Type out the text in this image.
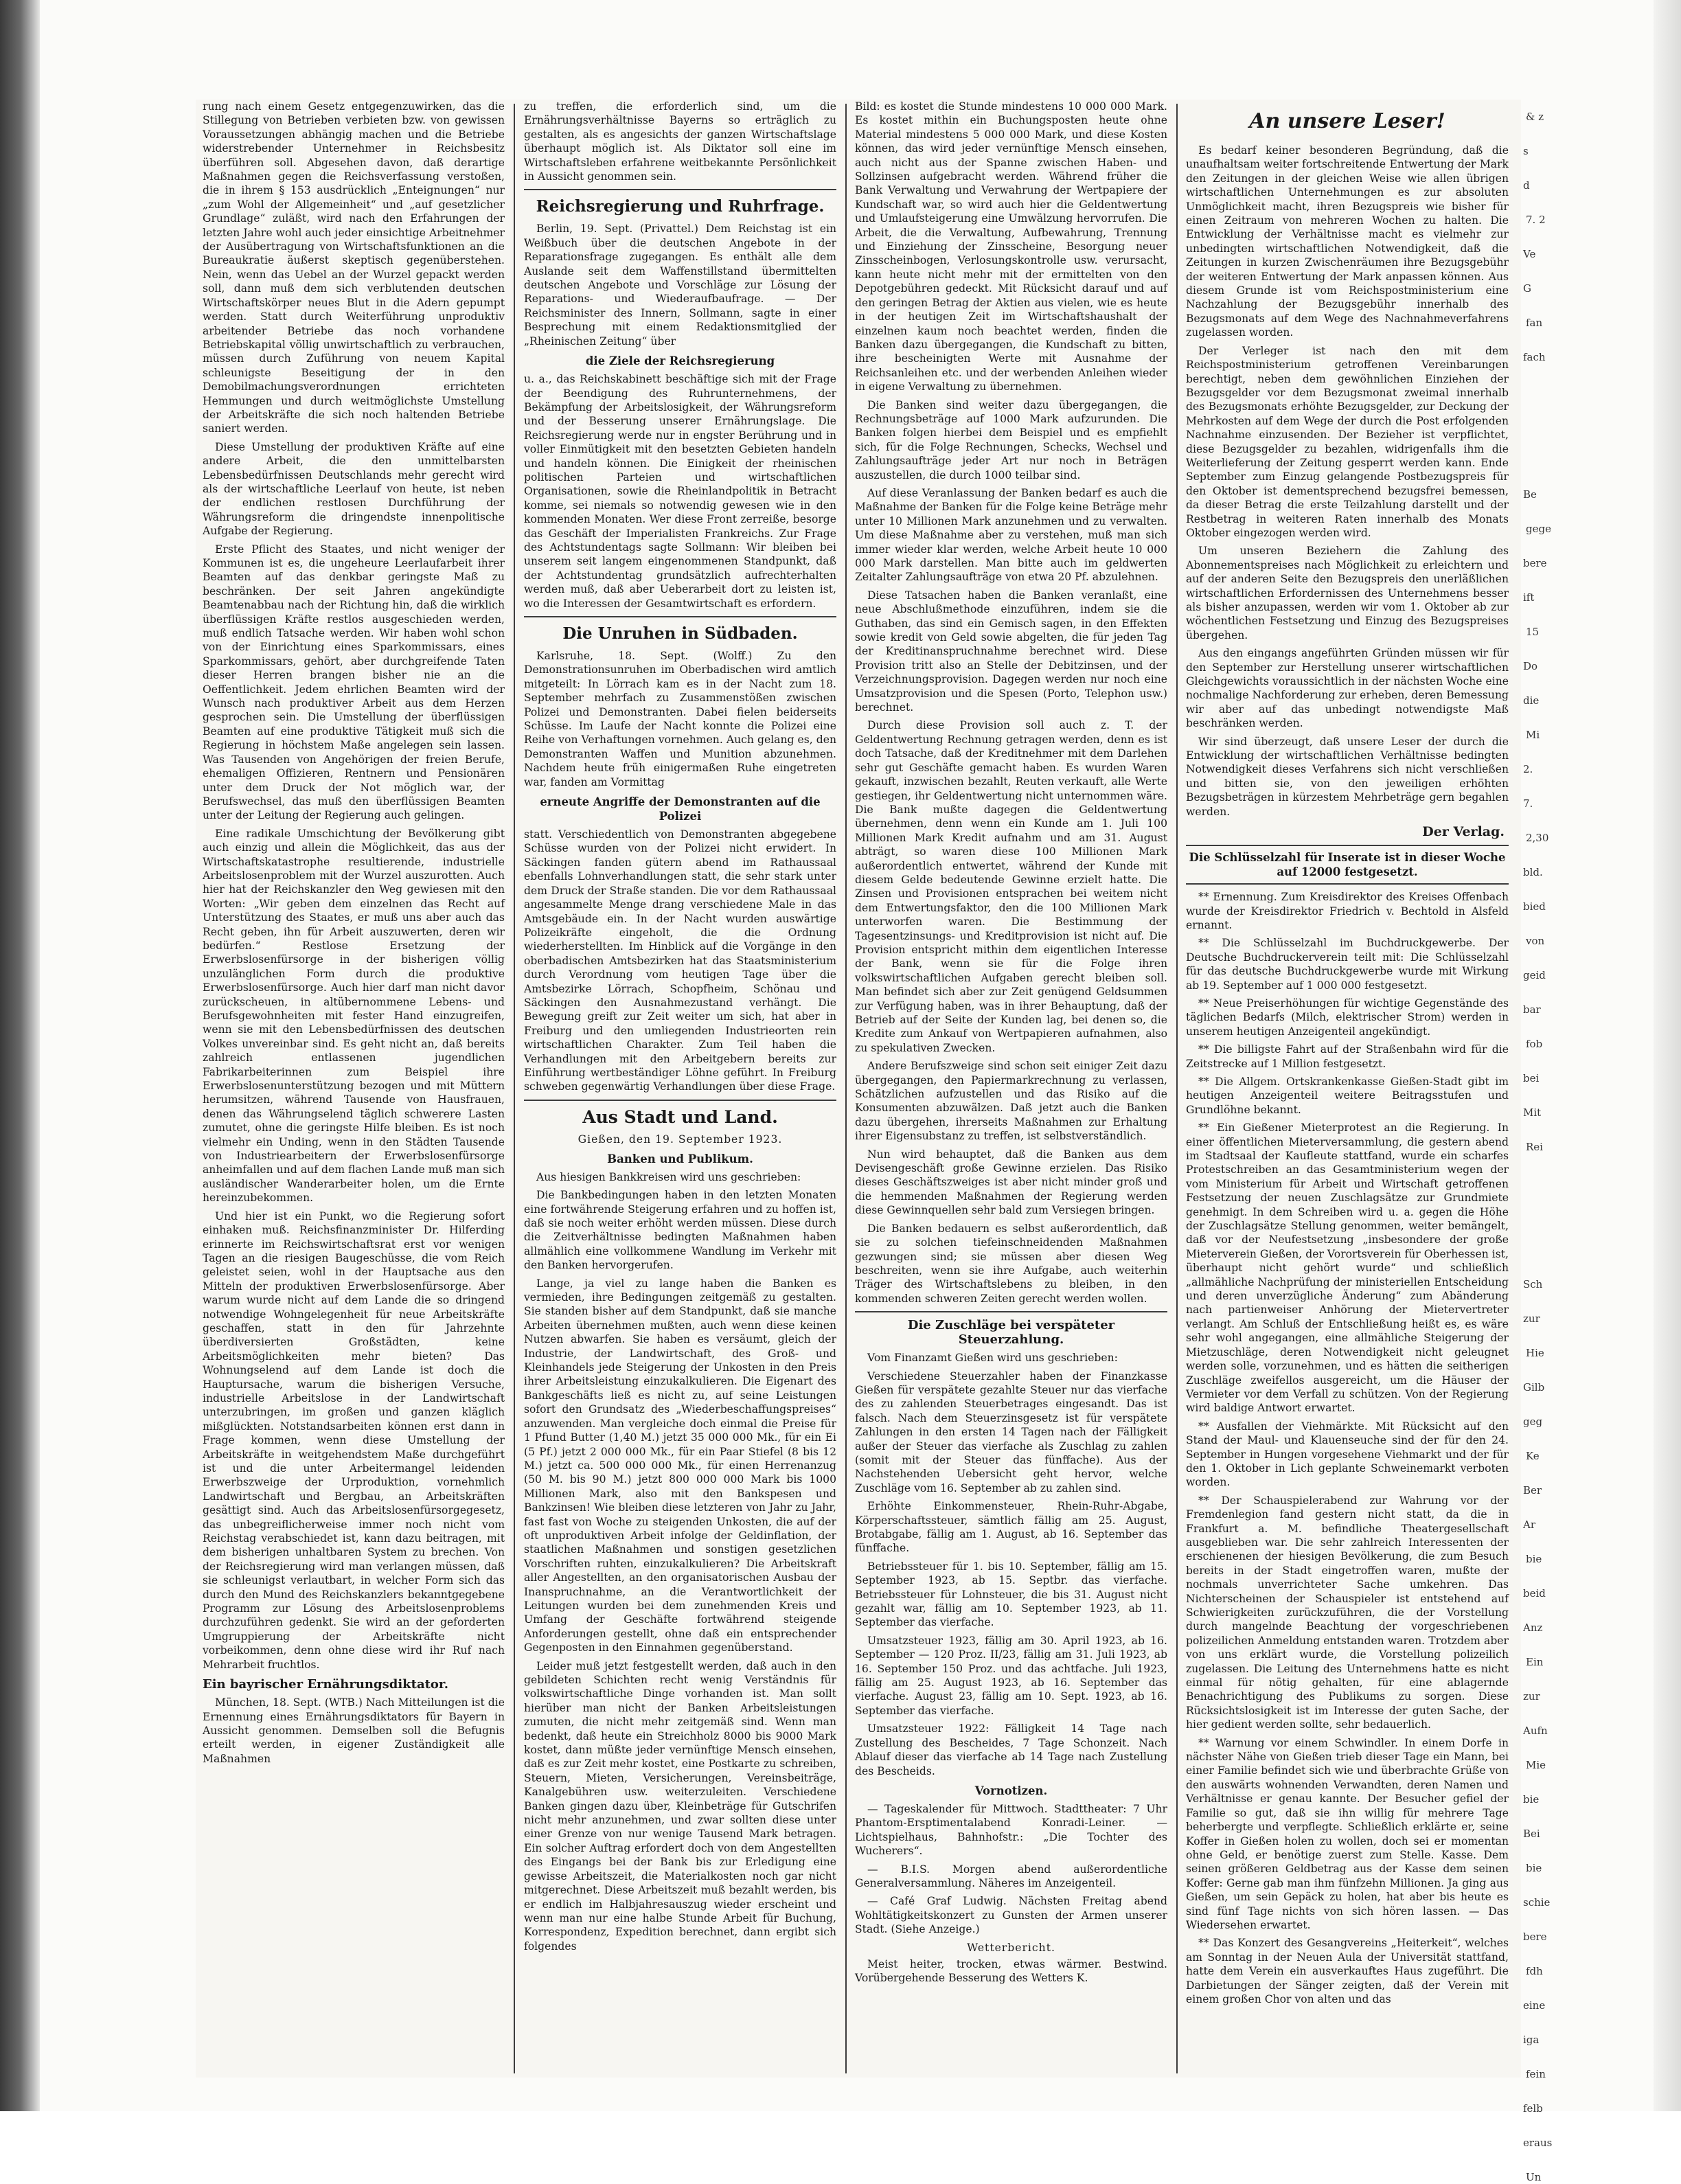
rung nach einem Gesetz entgegenzuwirken, das die Stillegung von Betrieben verbieten bzw. von gewissen Voraussetzungen abhängig machen und die Betriebe widerstrebender Unternehmer in Reichsbesitz überführen soll. Abgesehen davon, daß derartige Maßnahmen gegen die Reichsverfassung verstoßen, die in ihrem § 153 ausdrücklich „Enteignungen“ nur „zum Wohl der Allgemeinheit“ und „auf gesetzlicher Grundlage“ zuläßt, wird nach den Erfahrungen der letzten Jahre wohl auch jeder einsichtige Arbeitnehmer der Ausübertragung von Wirtschaftsfunktionen an die Bureaukratie äußerst skeptisch gegenüberstehen. Nein, wenn das Uebel an der Wurzel gepackt werden soll, dann muß dem sich verblutenden deutschen Wirtschaftskörper neues Blut in die Adern gepumpt werden. Statt durch Weiterführung unproduktiv arbeitender Betriebe das noch vorhandene Betriebskapital völlig unwirtschaftlich zu verbrauchen, müssen durch Zuführung von neuem Kapital schleunigste Beseitigung der in den Demobilmachungsverordnungen errichteten Hemmungen und durch weitmöglichste Umstellung der Arbeitskräfte die sich noch haltenden Betriebe saniert werden.

Diese Umstellung der produktiven Kräfte auf eine andere Arbeit, die den unmittelbarsten Lebensbedürfnissen Deutschlands mehr gerecht wird als der wirtschaftliche Leerlauf von heute, ist neben der endlichen restlosen Durchführung der Währungsreform die dringendste innenpolitische Aufgabe der Regierung.

Erste Pflicht des Staates, und nicht weniger der Kommunen ist es, die ungeheure Leerlaufarbeit ihrer Beamten auf das denkbar geringste Maß zu beschränken. Der seit Jahren angekündigte Beamtenabbau nach der Richtung hin, daß die wirklich überflüssigen Kräfte restlos ausgeschieden werden, muß endlich Tatsache werden. Wir haben wohl schon von der Einrichtung eines Sparkommissars, eines Sparkommissars, gehört, aber durchgreifende Taten dieser Herren brangen bisher nie an die Oeffentlichkeit. Jedem ehrlichen Beamten wird der Wunsch nach produktiver Arbeit aus dem Herzen gesprochen sein. Die Umstellung der überflüssigen Beamten auf eine produktive Tätigkeit muß sich die Regierung in höchstem Maße angelegen sein lassen. Was Tausenden von Angehörigen der freien Berufe, ehemaligen Offizieren, Rentnern und Pensionären unter dem Druck der Not möglich war, der Berufswechsel, das muß den überflüssigen Beamten unter der Leitung der Regierung auch gelingen.

Eine radikale Umschichtung der Bevölkerung gibt auch einzig und allein die Möglichkeit, das aus der Wirtschaftskatastrophe resultierende, industrielle Arbeitslosenproblem mit der Wurzel auszurotten. Auch hier hat der Reichskanzler den Weg gewiesen mit den Worten: „Wir geben dem einzelnen das Recht auf Unterstützung des Staates, er muß uns aber auch das Recht geben, ihn für Arbeit auszuwerten, deren wir bedürfen.“ Restlose Ersetzung der Erwerbslosenfürsorge in der bisherigen völlig unzulänglichen Form durch die produktive Erwerbslosenfürsorge. Auch hier darf man nicht davor zurückscheuen, in altübernommene Lebens- und Berufsgewohnheiten mit fester Hand einzugreifen, wenn sie mit den Lebensbedürfnissen des deutschen Volkes unvereinbar sind. Es geht nicht an, daß bereits zahlreich entlassenen jugendlichen Fabrikarbeiterinnen zum Beispiel ihre Erwerbslosenunterstützung bezogen und mit Müttern herumsitzen, während Tausende von Hausfrauen, denen das Währungselend täglich schwerere Lasten zumutet, ohne die geringste Hilfe bleiben. Es ist noch vielmehr ein Unding, wenn in den Städten Tausende von Industriearbeitern der Erwerbslosenfürsorge anheimfallen und auf dem flachen Lande muß man sich ausländischer Wanderarbeiter holen, um die Ernte hereinzubekommen.

Und hier ist ein Punkt, wo die Regierung sofort einhaken muß. Reichsfinanzminister Dr. Hilferding erinnerte im Reichswirtschaftsrat erst vor wenigen Tagen an die riesigen Baugeschüsse, die vom Reich geleistet seien, wohl in der Hauptsache aus den Mitteln der produktiven Erwerbslosenfürsorge. Aber warum wurde nicht auf dem Lande die so dringend notwendige Wohngelegenheit für neue Arbeitskräfte geschaffen, statt in den für Jahrzehnte überdiversierten Großstädten, keine Arbeitsmöglichkeiten mehr bieten? Das Wohnungselend auf dem Lande ist doch die Hauptursache, warum die bisherigen Versuche, industrielle Arbeitslose in der Landwirtschaft unterzubringen, im großen und ganzen kläglich mißglückten. Notstandsarbeiten können erst dann in Frage kommen, wenn diese Umstellung der Arbeitskräfte in weitgehendstem Maße durchgeführt ist und die unter Arbeitermangel leidenden Erwerbszweige der Urproduktion, vornehmlich Landwirtschaft und Bergbau, an Arbeitskräften gesättigt sind. Auch das Arbeitslosenfürsorgegesetz, das unbegreiflicherweise immer noch nicht vom Reichstag verabschiedet ist, kann dazu beitragen, mit dem bisherigen unhaltbaren System zu brechen. Von der Reichsregierung wird man verlangen müssen, daß sie schleunigst verlautbart, in welcher Form sich das durch den Mund des Reichskanzlers bekanntgegebene Programm zur Lösung des Arbeitslosenproblems durchzuführen gedenkt. Sie wird an der geforderten Umgruppierung der Arbeitskräfte nicht vorbeikommen, denn ohne diese wird ihr Ruf nach Mehrarbeit fruchtlos.

Ein bayrischer Ernährungsdiktator.

München, 18. Sept. (WTB.) Nach Mitteilungen ist die Ernennung eines Ernährungsdiktators für Bayern in Aussicht genommen. Demselben soll die Befugnis erteilt werden, in eigener Zuständigkeit alle Maßnahmen

zu treffen, die erforderlich sind, um die Ernährungsverhältnisse Bayerns so erträglich zu gestalten, als es angesichts der ganzen Wirtschaftslage überhaupt möglich ist. Als Diktator soll eine im Wirtschaftsleben erfahrene weitbekannte Persönlichkeit in Aussicht genommen sein.

Reichsregierung und Ruhrfrage.

Berlin, 19. Sept. (Privattel.) Dem Reichstag ist ein Weißbuch über die deutschen Angebote in der Reparationsfrage zugegangen. Es enthält alle dem Auslande seit dem Waffenstillstand übermittelten deutschen Angebote und Vorschläge zur Lösung der Reparations- und Wiederaufbaufrage. — Der Reichsminister des Innern, Sollmann, sagte in einer Besprechung mit einem Redaktionsmitglied der „Rheinischen Zeitung“ über

die Ziele der Reichsregierung

u. a., das Reichskabinett beschäftige sich mit der Frage der Beendigung des Ruhrunternehmens, der Bekämpfung der Arbeitslosigkeit, der Währungsreform und der Besserung unserer Ernährungslage. Die Reichsregierung werde nur in engster Berührung und in voller Einmütigkeit mit den besetzten Gebieten handeln und handeln können. Die Einigkeit der rheinischen politischen Parteien und wirtschaftlichen Organisationen, sowie die Rheinlandpolitik in Betracht komme, sei niemals so notwendig gewesen wie in den kommenden Monaten. Wer diese Front zerreiße, besorge das Geschäft der Imperialisten Frankreichs. Zur Frage des Achtstundentags sagte Sollmann: Wir bleiben bei unserem seit langem eingenommenen Standpunkt, daß der Achtstundentag grundsätzlich aufrechterhalten werden muß, daß aber Ueberarbeit dort zu leisten ist, wo die Interessen der Gesamtwirtschaft es erfordern.

Die Unruhen in Südbaden.

Karlsruhe, 18. Sept. (Wolff.) Zu den Demonstrationsunruhen im Oberbadischen wird amtlich mitgeteilt: In Lörrach kam es in der Nacht zum 18. September mehrfach zu Zusammenstößen zwischen Polizei und Demonstranten. Dabei fielen beiderseits Schüsse. Im Laufe der Nacht konnte die Polizei eine Reihe von Verhaftungen vornehmen. Auch gelang es, den Demonstranten Waffen und Munition abzunehmen. Nachdem heute früh einigermaßen Ruhe eingetreten war, fanden am Vormittag

erneute Angriffe der Demonstranten auf die Polizei

statt. Verschiedentlich von Demonstranten abgegebene Schüsse wurden von der Polizei nicht erwidert. In Säckingen fanden gütern abend im Rathaussaal ebenfalls Lohnverhandlungen statt, die sehr stark unter dem Druck der Straße standen. Die vor dem Rathaussaal angesammelte Menge drang verschiedene Male in das Amtsgebäude ein. In der Nacht wurden auswärtige Polizeikräfte eingeholt, die die Ordnung wiederherstellten. Im Hinblick auf die Vorgänge in den oberbadischen Amtsbezirken hat das Staatsministerium durch Verordnung vom heutigen Tage über die Amtsbezirke Lörrach, Schopfheim, Schönau und Säckingen den Ausnahmezustand verhängt. Die Bewegung greift zur Zeit weiter um sich, hat aber in Freiburg und den umliegenden Industrieorten rein wirtschaftlichen Charakter. Zum Teil haben die Verhandlungen mit den Arbeitgebern bereits zur Einführung wertbeständiger Löhne geführt. In Freiburg schweben gegenwärtig Verhandlungen über diese Frage.

Aus Stadt und Land.
Gießen, den 19. September 1923.
Banken und Publikum.

Aus hiesigen Bankkreisen wird uns geschrieben:

Die Bankbedingungen haben in den letzten Monaten eine fortwährende Steigerung erfahren und zu hoffen ist, daß sie noch weiter erhöht werden müssen. Diese durch die Zeitverhältnisse bedingten Maßnahmen haben allmählich eine vollkommene Wandlung im Verkehr mit den Banken hervorgerufen.

Lange, ja viel zu lange haben die Banken es vermieden, ihre Bedingungen zeitgemäß zu gestalten. Sie standen bisher auf dem Standpunkt, daß sie manche Arbeiten übernehmen mußten, auch wenn diese keinen Nutzen abwarfen. Sie haben es versäumt, gleich der Industrie, der Landwirtschaft, des Groß- und Kleinhandels jede Steigerung der Unkosten in den Preis ihrer Arbeitsleistung einzukalkulieren. Die Eigenart des Bankgeschäfts ließ es nicht zu, auf seine Leistungen sofort den Grundsatz des „Wiederbeschaffungspreises“ anzuwenden. Man vergleiche doch einmal die Preise für 1 Pfund Butter (1,40 M.) jetzt 35 000 000 Mk., für ein Ei (5 Pf.) jetzt 2 000 000 Mk., für ein Paar Stiefel (8 bis 12 M.) jetzt ca. 500 000 000 Mk., für einen Herrenanzug (50 M. bis 90 M.) jetzt 800 000 000 Mark bis 1000 Millionen Mark, also mit den Bankspesen und Bankzinsen! Wie bleiben diese letzteren von Jahr zu Jahr, fast fast von Woche zu steigenden Unkosten, die auf der oft unproduktiven Arbeit infolge der Geldinflation, der staatlichen Maßnahmen und sonstigen gesetzlichen Vorschriften ruhten, einzukalkulieren? Die Arbeitskraft aller Angestellten, an den organisatorischen Ausbau der Inanspruchnahme, an die Verantwortlichkeit der Leitungen wurden bei dem zunehmenden Kreis und Umfang der Geschäfte fortwährend steigende Anforderungen gestellt, ohne daß ein entsprechender Gegenposten in den Einnahmen gegenüberstand.

Leider muß jetzt festgestellt werden, daß auch in den gebildeten Schichten recht wenig Verständnis für volkswirtschaftliche Dinge vorhanden ist. Man sollt hierüber man nicht der Banken Arbeitsleistungen zumuten, die nicht mehr zeitgemäß sind. Wenn man bedenkt, daß heute ein Streichholz 8000 bis 9000 Mark kostet, dann müßte jeder vernünftige Mensch einsehen, daß es zur Zeit mehr kostet, eine Postkarte zu schreiben, Steuern, Mieten, Versicherungen, Vereinsbeiträge, Kanalgebühren usw. weiterzuleiten. Verschiedene Banken gingen dazu über, Kleinbeträge für Gutschrifen nicht mehr anzunehmen, und zwar sollten diese unter einer Grenze von nur wenige Tausend Mark betragen. Ein solcher Auftrag erfordert doch von dem Angestellten des Eingangs bei der Bank bis zur Erledigung eine gewisse Arbeitszeit, die Materialkosten noch gar nicht mitgerechnet. Diese Arbeitszeit muß bezahlt werden, bis er endlich im Halbjahresauszug wieder erscheint und wenn man nur eine halbe Stunde Arbeit für Buchung, Korrespondenz, Expedition berechnet, dann ergibt sich folgendes

Bild: es kostet die Stunde mindestens 10 000 000 Mark. Es kostet mithin ein Buchungsposten heute ohne Material mindestens 5 000 000 Mark, und diese Kosten können, das wird jeder vernünftige Mensch einsehen, auch nicht aus der Spanne zwischen Haben- und Sollzinsen aufgebracht werden. Während früher die Bank Verwaltung und Verwahrung der Wertpapiere der Kundschaft war, so wird auch hier die Geldentwertung und Umlaufsteigerung eine Umwälzung hervorrufen. Die Arbeit, die die Verwaltung, Aufbewahrung, Trennung und Einziehung der Zinsscheine, Besorgung neuer Zinsscheinbogen, Verlosungskontrolle usw. verursacht, kann heute nicht mehr mit der ermittelten von den Depotgebühren gedeckt. Mit Rücksicht darauf und auf den geringen Betrag der Aktien aus vielen, wie es heute in der heutigen Zeit im Wirtschaftshaushalt der einzelnen kaum noch beachtet werden, finden die Banken dazu übergegangen, die Kundschaft zu bitten, ihre bescheinigten Werte mit Ausnahme der Reichsanleihen etc. und der werbenden Anleihen wieder in eigene Verwaltung zu übernehmen.

Die Banken sind weiter dazu übergegangen, die Rechnungsbeträge auf 1000 Mark aufzurunden. Die Banken folgen hierbei dem Beispiel und es empfiehlt sich, für die Folge Rechnungen, Schecks, Wechsel und Zahlungsaufträge jeder Art nur noch in Beträgen auszustellen, die durch 1000 teilbar sind.

Auf diese Veranlassung der Banken bedarf es auch die Maßnahme der Banken für die Folge keine Beträge mehr unter 10 Millionen Mark anzunehmen und zu verwalten. Um diese Maßnahme aber zu verstehen, muß man sich immer wieder klar werden, welche Arbeit heute 10 000 000 Mark darstellen. Man bitte auch im geldwerten Zeitalter Zahlungsaufträge von etwa 20 Pf. abzulehnen.

Diese Tatsachen haben die Banken veranlaßt, eine neue Abschlußmethode einzuführen, indem sie die Guthaben, das sind ein Gemisch sagen, in den Effekten sowie kredit von Geld sowie abgelten, die für jeden Tag der Kreditinanspruchnahme berechnet wird. Diese Provision tritt also an Stelle der Debitzinsen, und der Verzeichnungsprovision. Dagegen werden nur noch eine Umsatzprovision und die Spesen (Porto, Telephon usw.) berechnet.

Durch diese Provision soll auch z. T. der Geldentwertung Rechnung getragen werden, denn es ist doch Tatsache, daß der Kreditnehmer mit dem Darlehen sehr gut Geschäfte gemacht haben. Es wurden Waren gekauft, inzwischen bezahlt, Reuten verkauft, alle Werte gestiegen, ihr Geldentwertung nicht unternommen wäre. Die Bank mußte dagegen die Geldentwertung übernehmen, denn wenn ein Kunde am 1. Juli 100 Millionen Mark Kredit aufnahm und am 31. August abträgt, so waren diese 100 Millionen Mark außerordentlich entwertet, während der Kunde mit diesem Gelde bedeutende Gewinne erzielt hatte. Die Zinsen und Provisionen entsprachen bei weitem nicht dem Entwertungsfaktor, den die 100 Millionen Mark unterworfen waren. Die Bestimmung der Tagesentzinsungs- und Kreditprovision ist nicht auf. Die Provision entspricht mithin dem eigentlichen Interesse der Bank, wenn sie für die Folge ihren volkswirtschaftlichen Aufgaben gerecht bleiben soll. Man befindet sich aber zur Zeit genügend Geldsummen zur Verfügung haben, was in ihrer Behauptung, daß der Betrieb auf der Seite der Kunden lag, bei denen so, die Kredite zum Ankauf von Wertpapieren aufnahmen, also zu spekulativen Zwecken.

Andere Berufszweige sind schon seit einiger Zeit dazu übergegangen, den Papiermarkrechnung zu verlassen, Schätzlichen aufzustellen und das Risiko auf die Konsumenten abzuwälzen. Daß jetzt auch die Banken dazu übergehen, ihrerseits Maßnahmen zur Erhaltung ihrer Eigensubstanz zu treffen, ist selbstverständlich.

Nun wird behauptet, daß die Banken aus dem Devisengeschäft große Gewinne erzielen. Das Risiko dieses Geschäftszweiges ist aber nicht minder groß und die hemmenden Maßnahmen der Regierung werden diese Gewinnquellen sehr bald zum Versiegen bringen.

Die Banken bedauern es selbst außerordentlich, daß sie zu solchen tiefeinschneidenden Maßnahmen gezwungen sind; sie müssen aber diesen Weg beschreiten, wenn sie ihre Aufgabe, auch weiterhin Träger des Wirtschaftslebens zu bleiben, in den kommenden schweren Zeiten gerecht werden wollen.

Die Zuschläge bei verspäteter Steuerzahlung.

Vom Finanzamt Gießen wird uns geschrieben:

Verschiedene Steuerzahler haben der Finanzkasse Gießen für verspätete gezahlte Steuer nur das vierfache des zu zahlenden Steuerbetrages eingesandt. Das ist falsch. Nach dem Steuerzinsgesetz ist für verspätete Zahlungen in den ersten 14 Tagen nach der Fälligkeit außer der Steuer das vierfache als Zuschlag zu zahlen (somit mit der Steuer das fünffache). Aus der Nachstehenden Uebersicht geht hervor, welche Zuschläge vom 16. September ab zu zahlen sind.

Erhöhte Einkommensteuer, Rhein-Ruhr-Abgabe, Körperschaftssteuer, sämtlich fällig am 25. August, Brotabgabe, fällig am 1. August, ab 16. September das fünffache.

Betriebssteuer für 1. bis 10. September, fällig am 15. September 1923, ab 15. Septbr. das vierfache. Betriebssteuer für Lohnsteuer, die bis 31. August nicht gezahlt war, fällig am 10. September 1923, ab 11. September das vierfache.

Umsatzsteuer 1923, fällig am 30. April 1923, ab 16. September — 120 Proz. II/23, fällig am 31. Juli 1923, ab 16. September 150 Proz. und das achtfache. Juli 1923, fällig am 25. August 1923, ab 16. September das vierfache. August 23, fällig am 10. Sept. 1923, ab 16. September das vierfache.

Umsatzsteuer 1922: Fälligkeit 14 Tage nach Zustellung des Bescheides, 7 Tage Schonzeit. Nach Ablauf dieser das vierfache ab 14 Tage nach Zustellung des Bescheids.

Vornotizen.

— Tageskalender für Mittwoch. Stadttheater: 7 Uhr Phantom-Ersptimentalabend Konradi-Leiner. — Lichtspielhaus, Bahnhofstr.: „Die Tochter des Wucherers“.

— B.I.S. Morgen abend außerordentliche Generalversammlung. Näheres im Anzeigenteil.

— Café Graf Ludwig. Nächsten Freitag abend Wohltätigkeitskonzert zu Gunsten der Armen unserer Stadt. (Siehe Anzeige.)

Wetterbericht.

Meist heiter, trocken, etwas wärmer. Bestwind. Vorübergehende Besserung des Wetters K.

An unsere Leser!

Es bedarf keiner besonderen Begründung, daß die unaufhaltsam weiter fortschreitende Entwertung der Mark den Zeitungen in der gleichen Weise wie allen übrigen wirtschaftlichen Unternehmungen es zur absoluten Unmöglichkeit macht, ihren Bezugspreis wie bisher für einen Zeitraum von mehreren Wochen zu halten. Die Entwicklung der Verhältnisse macht es vielmehr zur unbedingten wirtschaftlichen Notwendigkeit, daß die Zeitungen in kurzen Zwischenräumen ihre Bezugsgebühr der weiteren Entwertung der Mark anpassen können. Aus diesem Grunde ist vom Reichspostministerium eine Nachzahlung der Bezugsgebühr innerhalb des Bezugsmonats auf dem Wege des Nachnahmeverfahrens zugelassen worden.

Der Verleger ist nach den mit dem Reichspostministerium getroffenen Vereinbarungen berechtigt, neben dem gewöhnlichen Einziehen der Bezugsgelder vor dem Bezugsmonat zweimal innerhalb des Bezugsmonats erhöhte Bezugsgelder, zur Deckung der Mehrkosten auf dem Wege der durch die Post erfolgenden Nachnahme einzusenden. Der Bezieher ist verpflichtet, diese Bezugsgelder zu bezahlen, widrigenfalls ihm die Weiterlieferung der Zeitung gesperrt werden kann. Ende September zum Einzug gelangende Postbezugspreis für den Oktober ist dementsprechend bezugsfrei bemessen, da dieser Betrag die erste Teilzahlung darstellt und der Restbetrag in weiteren Raten innerhalb des Monats Oktober eingezogen werden wird.

Um unseren Beziehern die Zahlung des Abonnementspreises nach Möglichkeit zu erleichtern und auf der anderen Seite den Bezugspreis den unerläßlichen wirtschaftlichen Erfordernissen des Unternehmens besser als bisher anzupassen, werden wir vom 1. Oktober ab zur wöchentlichen Festsetzung und Einzug des Bezugspreises übergehen.

Aus den eingangs angeführten Gründen müssen wir für den September zur Herstellung unserer wirtschaftlichen Gleichgewichts voraussichtlich in der nächsten Woche eine nochmalige Nachforderung zur erheben, deren Bemessung wir aber auf das unbedingt notwendigste Maß beschränken werden.

Wir sind überzeugt, daß unsere Leser der durch die Entwicklung der wirtschaftlichen Verhältnisse bedingten Notwendigkeit dieses Verfahrens sich nicht verschließen und bitten sie, von den jeweiligen erhöhten Bezugsbeträgen in kürzestem Mehrbeträge gern begahlen werden.

Der Verlag.
Die Schlüsselzahl für Inserate ist in dieser Woche auf 12000 festgesetzt.

** Ernennung. Zum Kreisdirektor des Kreises Offenbach wurde der Kreisdirektor Friedrich v. Bechtold in Alsfeld ernannt.

** Die Schlüsselzahl im Buchdruckgewerbe. Der Deutsche Buchdruckerverein teilt mit: Die Schlüsselzahl für das deutsche Buchdruckgewerbe wurde mit Wirkung ab 19. September auf 1 000 000 festgesetzt.

** Neue Preiserhöhungen für wichtige Gegenstände des täglichen Bedarfs (Milch, elektrischer Strom) werden in unserem heutigen Anzeigenteil angekündigt.

** Die billigste Fahrt auf der Straßenbahn wird für die Zeitstrecke auf 1 Million festgesetzt.

** Die Allgem. Ortskrankenkasse Gießen-Stadt gibt im heutigen Anzeigenteil weitere Beitragsstufen und Grundlöhne bekannt.

** Ein Gießener Mieterprotest an die Regierung. In einer öffentlichen Mieterversammlung, die gestern abend im Stadtsaal der Kaufleute stattfand, wurde ein scharfes Protestschreiben an das Gesamtministerium wegen der vom Ministerium für Arbeit und Wirtschaft getroffenen Festsetzung der neuen Zuschlagsätze zur Grundmiete genehmigt. In dem Schreiben wird u. a. gegen die Höhe der Zuschlagsätze Stellung genommen, weiter bemängelt, daß vor der Neufestsetzung „insbesondere der große Mieterverein Gießen, der Vorortsverein für Oberhessen ist, überhaupt nicht gehört wurde“ und schließlich „allmähliche Nachprüfung der ministeriellen Entscheidung und deren unverzügliche Änderung“ zum Abänderung nach partienweiser Anhörung der Mietervertreter verlangt. Am Schluß der Entschließung heißt es, es wäre sehr wohl angegangen, eine allmähliche Steigerung der Mietzuschläge, deren Notwendigkeit nicht geleugnet werden solle, vorzunehmen, und es hätten die seitherigen Zuschläge zweifellos ausgereicht, um die Häuser der Vermieter vor dem Verfall zu schützen. Von der Regierung wird baldige Antwort erwartet.

** Ausfallen der Viehmärkte. Mit Rücksicht auf den Stand der Maul- und Klauenseuche sind der für den 24. September in Hungen vorgesehene Viehmarkt und der für den 1. Oktober in Lich geplante Schweinemarkt verboten worden.

** Der Schauspielerabend zur Wahrung vor der Fremdenlegion fand gestern nicht statt, da die in Frankfurt a. M. befindliche Theatergesellschaft ausgeblieben war. Die sehr zahlreich Interessenten der erschienenen der hiesigen Bevölkerung, die zum Besuch bereits in der Stadt eingetroffen waren, mußte der nochmals unverrichteter Sache umkehren. Das Nichterscheinen der Schauspieler ist entstehend auf Schwierigkeiten zurückzuführen, die der Vorstellung durch mangelnde Beachtung der vorgeschriebenen polizeilichen Anmeldung entstanden waren. Trotzdem aber von uns erklärt wurde, die Vorstellung polizeilich zugelassen. Die Leitung des Unternehmens hatte es nicht einmal für nötig gehalten, für eine ablagernde Benachrichtigung des Publikums zu sorgen. Diese Rücksichtslosigkeit ist im Interesse der guten Sache, der hier gedient werden sollte, sehr bedauerlich.

** Warnung vor einem Schwindler. In einem Dorfe in nächster Nähe von Gießen trieb dieser Tage ein Mann, bei einer Familie befindet sich wie und überbrachte Grüße von den auswärts wohnenden Verwandten, deren Namen und Verhältnisse er genau kannte. Der Besucher gefiel der Familie so gut, daß sie ihn willig für mehrere Tage beherbergte und verpflegte. Schließlich erklärte er, seine Koffer in Gießen holen zu wollen, doch sei er momentan ohne Geld, er benötige zuerst zum Stelle. Kasse. Dem seinen größeren Geldbetrag aus der Kasse dem seinen Koffer: Gerne gab man ihm fünfzehn Millionen. Ja ging aus Gießen, um sein Gepäck zu holen, hat aber bis heute es sind fünf Tage nichts von sich hören lassen. — Das Wiedersehen erwartet.

** Das Konzert des Gesangvereins „Heiterkeit“, welches am Sonntag in der Neuen Aula der Universität stattfand, hatte dem Verein ein ausverkauftes Haus zugeführt. Die Darbietungen der Sänger zeigten, daß der Verein mit einem großen Chor von alten und das

& z
s
d
7. 2
Ve
G
fan
fach
Be
gege
bere
ift
15
Do
die
Mi
2.
7.
2,30
bld.
bied
von
geid
bar
fob
bei
Mit
Rei
Sch
zur
Hie
Gilb
geg
Ke
Ber
Ar
bie
beid
Anz
Ein
zur
Aufn
Mie
bie
Bei
bie
schie
bere
fdh
eine
iga
fein
felb
eraus
Un
